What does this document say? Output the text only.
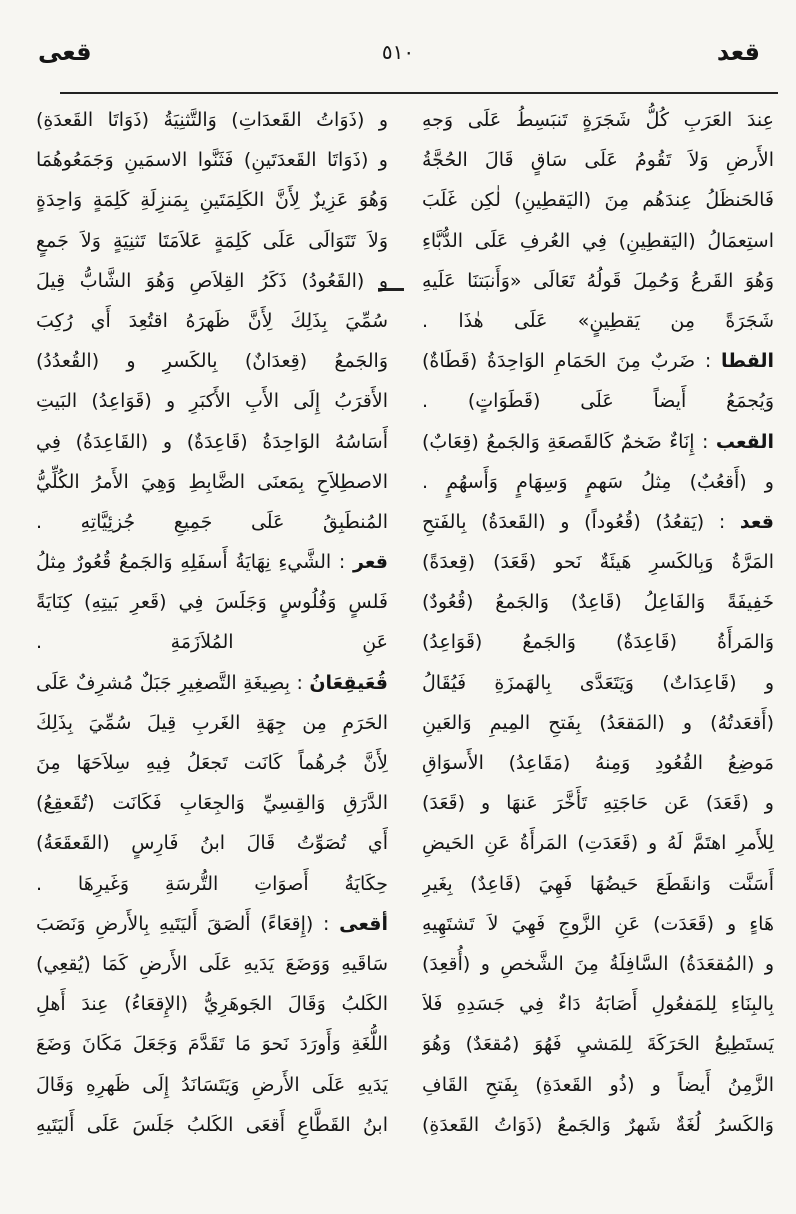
قعد
٥١٠
قعى
عِندَ العَرَبِ كُلُّ شَجَرَةٍ تَنبَسِطُ عَلَى وَجهِ
الأَرضِ وَلاَ تَقُومُ عَلَى سَاقٍ قَالَ الحُجَّةُ
فَالحَنظَلُ عِندَهُم مِنَ (اليَقطِينِ) لٰكِن غَلَبَ
استِعمَالُ (اليَقطِينِ) فِي العُرفِ عَلَى الدُّبَّاءِ
وَهُوَ القَرعُ وَحُمِلَ قَولُهُ تَعَالَى «وَأَنبَتنَا عَلَيهِ
شَجَرَةً مِن يَقطِينٍ» عَلَى هٰذَا .
القطا : ضَربٌ مِنَ الحَمَامِ الوَاحِدَةُ (قَطَاةٌ)
وَيُجمَعُ أَيضاً عَلَى (قَطَوَاتٍ) .
القعب : إِنَاءٌ ضَخمٌ كَالقَصعَةِ وَالجَمعُ (قِعَابٌ)
و (أَقعُبٌ) مِثلُ سَهمٍ وَسِهَامٍ وَأَسهُمٍ .
قعد : (يَقعُدُ) (قُعُوداً) و (القَعدَةُ) بِالفَتحِ
المَرَّةُ وَبِالكَسرِ هَيئَةٌ نَحو (قَعَدَ) (قِعدَةً)
خَفِيفَةً وَالفَاعِلُ (قَاعِدٌ) وَالجَمعُ (قُعُودٌ)
وَالمَرأَةُ (قَاعِدَةٌ) وَالجَمعُ (قَوَاعِدُ)
و (قَاعِدَاتٌ) وَيَتَعَدَّى بِالهَمزَةِ فَيُقَالُ
(أَقعَدتُهُ) و (المَقعَدُ) بِفَتحِ المِيمِ وَالعَينِ
مَوضِعُ القُعُودِ وَمِنهُ (مَقَاعِدُ) الأَسوَاقِ
و (قَعَدَ) عَن حَاجَتِهِ تَأَخَّرَ عَنهَا و (قَعَدَ)
لِلأَمرِ اهتَمَّ لَهُ و (قَعَدَتِ) المَرأَةُ عَنِ الحَيضِ
أَسَنَّت وَانقَطَعَ حَيضُهَا فَهِيَ (قَاعِدٌ) بِغَيرِ
هَاءٍ و (قَعَدَت) عَنِ الزَّوجِ فَهِيَ لاَ تَشتَهِيهِ
و (المُقعَدَةُ) السَّافِلَةُ مِنَ الشَّخصِ و (أُقعِدَ)
بِالبِنَاءِ لِلمَفعُولِ أَصَابَهُ دَاءٌ فِي جَسَدِهِ فَلاَ
يَستَطِيعُ الحَرَكَةَ لِلمَشيِ فَهُوَ (مُقعَدٌ) وَهُوَ
الزَّمِنُ أَيضاً و (ذُو القَعدَةِ) بِفَتحِ القَافِ
وَالكَسرُ لُغَةٌ شَهرٌ وَالجَمعُ (ذَوَاتُ القَعدَةِ)
و (ذَوَاتُ القَعدَاتِ) وَالتَّثنِيَةُ (ذَوَاتَا القَعدَةِ)
و (ذَوَاتَا القَعدَتَينِ) فَثَنَّوا الاسمَينِ وَجَمَعُوهُمَا
وَهُوَ عَزِيزٌ لِأَنَّ الكَلِمَتَينِ بِمَنزِلَةِ كَلِمَةٍ وَاحِدَةٍ
وَلاَ تَتَوَالَى عَلَى كَلِمَةٍ عَلاَمَتَا تَثنِيَةٍ وَلاَ جَمعٍ
و (القَعُودُ) ذَكَرُ القِلاَصِ وَهُوَ الشَّابُّ قِيلَ
سُمِّيَ بِذَلِكَ لِأَنَّ ظَهرَهُ اقتُعِدَ أَي رُكِبَ
وَالجَمعُ (قِعدَانٌ) بِالكَسرِ و (القُعدُدُ)
الأَقرَبُ إِلَى الأَبِ الأَكبَرِ و (قَوَاعِدُ) البَيتِ
أَسَاسُهُ الوَاحِدَةُ (قَاعِدَةٌ) و (القَاعِدَةُ) فِي
الاصطِلاَحِ بِمَعنَى الضَّابِطِ وَهِيَ الأَمرُ الكُلِّيُّ
المُنطَبِقُ عَلَى جَمِيعِ جُزئِيَّاتِهِ .
قعر : الشَّيءِ نِهَايَةُ أَسفَلِهِ وَالجَمعُ قُعُورٌ مِثلُ
فَلسٍ وَفُلُوسٍ وَجَلَسَ فِي (قَعرِ بَيتِهِ) كِنَايَةً
عَنِ المُلاَزَمَةِ .
قُعَيقِعَانُ : بِصِيغَةِ التَّصغِيرِ جَبَلٌ مُشرِفٌ عَلَى
الحَرَمِ مِن جِهَةِ الغَربِ قِيلَ سُمِّيَ بِذَلِكَ
لِأَنَّ جُرهُماً كَانَت تَجعَلُ فِيهِ سِلاَحَهَا مِنَ
الدَّرَقِ وَالقِسِيِّ وَالجِعَابِ فَكَانَت (تُقَعقِعُ)
أَي تُصَوِّتُ قَالَ ابنُ فَارِسٍ (القَعقَعَةُ)
حِكَايَةُ أَصوَاتِ التُّرسَةِ وَغَيرِهَا .
أقعى : (إِقعَاءً) أَلصَقَ أَليَتَيهِ بِالأَرضِ وَنَصَبَ
سَاقَيهِ وَوَضَعَ يَدَيهِ عَلَى الأَرضِ كَمَا (يُقعِي)
الكَلبُ وَقَالَ الجَوهَرِيُّ (الإِقعَاءُ) عِندَ أَهلِ
اللُّغَةِ وَأَورَدَ نَحوَ مَا تَقَدَّمَ وَجَعَلَ مَكَانَ وَضَعَ
يَدَيهِ عَلَى الأَرضِ وَيَتَسَانَدُ إِلَى ظَهرِهِ وَقَالَ
ابنُ القَطَّاعِ أَقعَى الكَلبُ جَلَسَ عَلَى أَليَتَيهِ
